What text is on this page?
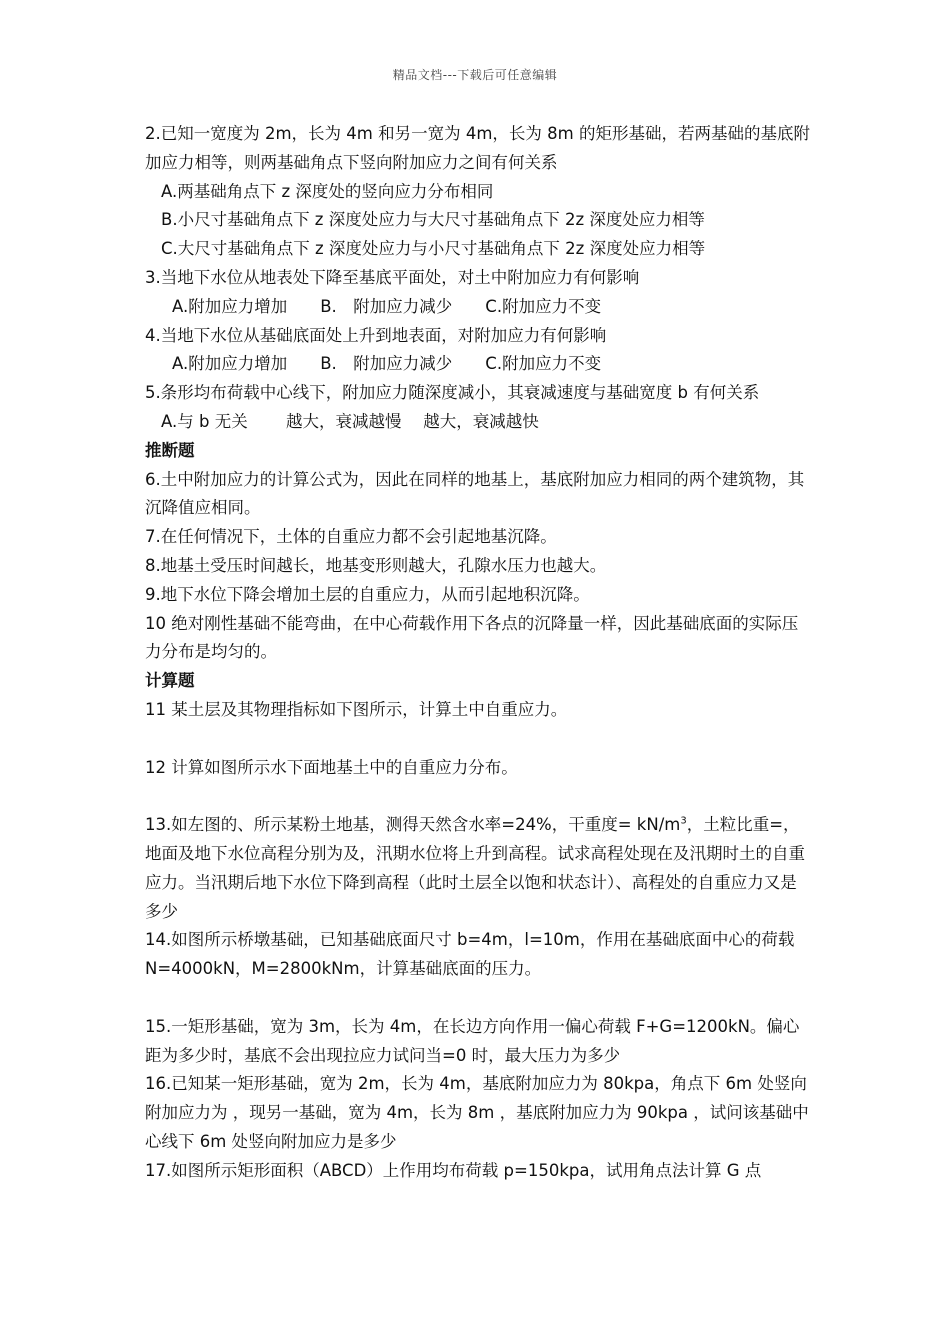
精品文档---下载后可任意编辑

2.已知一宽度为 2m，长为 4m 和另一宽为 4m，长为 8m 的矩形基础，若两基础的基底附加应力相等，则两基础角点下竖向附加应力之间有何关系

A.两基础角点下 z 深度处的竖向应力分布相同

B.小尺寸基础角点下 z 深度处应力与大尺寸基础角点下 2z 深度处应力相等

C.大尺寸基础角点下 z 深度处应力与小尺寸基础角点下 2z 深度处应力相等

3.当地下水位从地表处下降至基底平面处，对土中附加应力有何影响

A.附加应力增加　　B.　附加应力减少　　C.附加应力不变

4.当地下水位从基础底面处上升到地表面，对附加应力有何影响

A.附加应力增加　　B.　附加应力减少　　C.附加应力不变

5.条形均布荷载中心线下，附加应力随深度减小，其衰减速度与基础宽度 b 有何关系

A.与 b 无关　　 越大，衰减越慢　 越大，衰减越快

推断题

6.土中附加应力的计算公式为，因此在同样的地基上，基底附加应力相同的两个建筑物，其沉降值应相同。

7.在任何情况下，土体的自重应力都不会引起地基沉降。

8.地基土受压时间越长，地基变形则越大，孔隙水压力也越大。

9.地下水位下降会增加土层的自重应力，从而引起地积沉降。

10 绝对刚性基础不能弯曲，在中心荷载作用下各点的沉降量一样，因此基础底面的实际压力分布是均匀的。

计算题

11 某土层及其物理指标如下图所示，计算土中自重应力。

12 计算如图所示水下面地基土中的自重应力分布。

13.如左图的、所示某粉土地基，测得天然含水率=24%，干重度= $kN/m^3$，土粒比重=，地面及地下水位高程分别为及，汛期水位将上升到高程。试求高程处现在及汛期时土的自重应力。当汛期后地下水位下降到高程（此时土层全以饱和状态计）、高程处的自重应力又是多少

14.如图所示桥墩基础，已知基础底面尺寸 b=4m，l=10m，作用在基础底面中心的荷载 N=4000kN，M=2800kNm，计算基础底面的压力。

15.一矩形基础，宽为 3m，长为 4m，在长边方向作用一偏心荷载 F+G=1200kN。偏心距为多少时，基底不会出现拉应力试问当=0 时，最大压力为多少

16.已知某一矩形基础，宽为 2m，长为 4m，基底附加应力为 80kpa，角点下 6m 处竖向附加应力为 ，现另一基础，宽为 4m，长为 8m ，基底附加应力为 90kpa ，试问该基础中心线下 6m 处竖向附加应力是多少

17.如图所示矩形面积（ABCD）上作用均布荷载 p=150kpa，试用角点法计算 G 点
